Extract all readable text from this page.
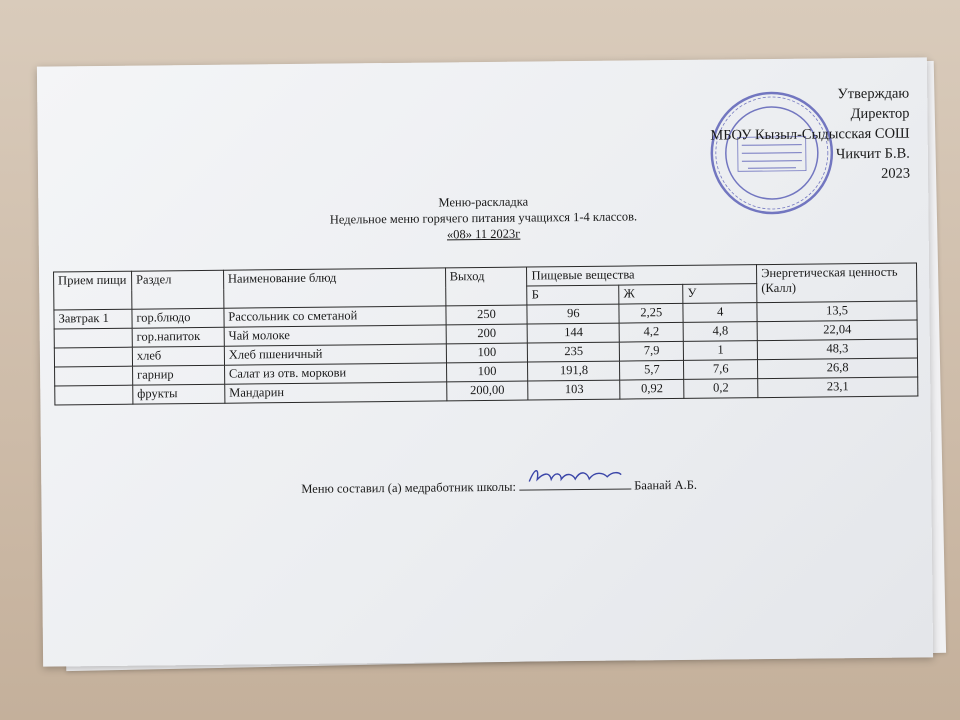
Утверждаю
Директор
МБОУ Кызыл-Сыдысская СОШ
Чикчит Б.В.
2023
Меню-раскладка
Недельное меню горячего питания учащихся 1-4 классов.
«08» 11 2023г
Прием пищи	Раздел	Наименование блюд	Выход	Пищевые вещества			Энергетическая ценность (Калл)
				Б	Ж	У	
Завтрак 1	гор.блюдо	Рассольник со сметаной	250	96	2,25	4	13,5
	гор.напиток	Чай молоке	200	144	4,2	4,8	22,04
	хлеб	Хлеб пшеничный	100	235	7,9	1	48,3
	гарнир	Салат из отв. моркови	100	191,8	5,7	7,6	26,8
	фрукты	Мандарин	200,00	103	0,92	0,2	23,1
Меню составил (а) медработник школы:	Баанай А.Б.
